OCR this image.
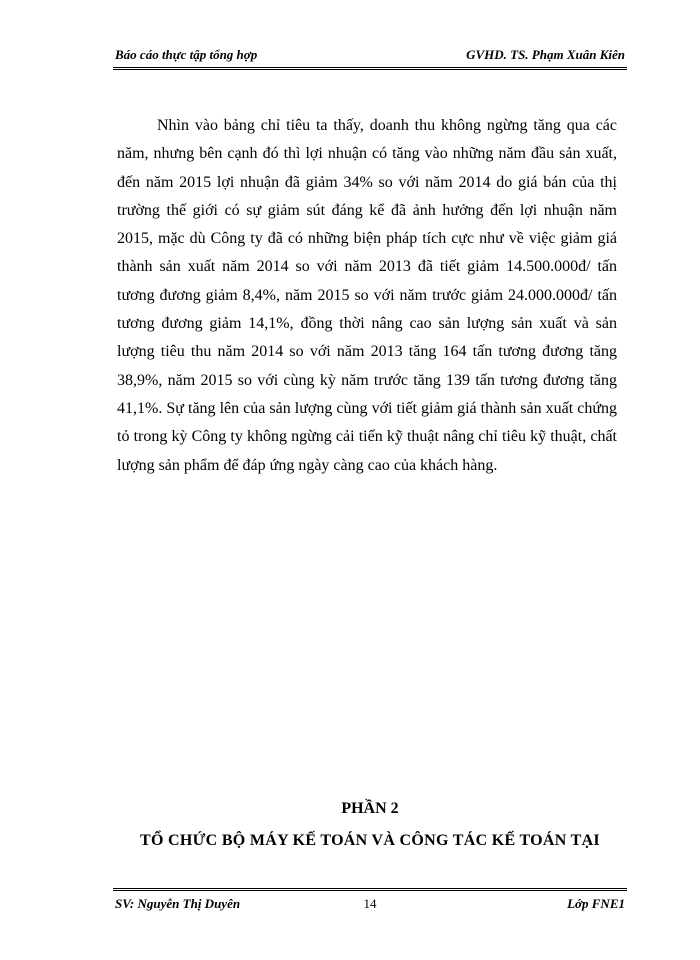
Báo cáo thực tập tổng hợp	GVHD. TS. Phạm Xuân Kiên

Nhìn vào bảng chỉ tiêu ta thấy, doanh thu không ngừng tăng qua các năm, nhưng bên cạnh đó thì lợi nhuận có tăng vào những năm đầu sản xuất, đến năm 2015 lợi nhuận đã giảm 34% so với năm 2014 do giá bán của thị trường thế giới có sự giảm sút đáng kể đã ảnh hưởng đến lợi nhuận năm 2015, mặc dù Công ty đã có những biện pháp tích cực như về việc giảm giá thành sản xuất năm 2014 so với năm 2013 đã tiết giảm 14.500.000đ/ tấn tương đương giảm 8,4%, năm 2015 so với năm trước giảm 24.000.000đ/ tấn tương đương giảm 14,1%, đồng thời nâng cao sản lượng sản xuất và sản lượng tiêu thu năm 2014 so với năm 2013 tăng 164 tấn tương đương tăng 38,9%, năm 2015 so với cùng kỳ năm trước tăng 139 tấn tương đương tăng 41,1%. Sự tăng lên của sản lượng cùng với tiết giảm giá thành sản xuất chứng tỏ trong kỳ Công ty không ngừng cải tiến kỹ thuật nâng chỉ tiêu kỹ thuật, chất lượng sản phẩm để đáp ứng ngày càng cao của khách hàng.

PHẦN 2
TỔ CHỨC BỘ MÁY KẾ TOÁN VÀ CÔNG TÁC KẾ TOÁN TẠI
SV: Nguyễn Thị Duyên	14	Lớp FNE1
